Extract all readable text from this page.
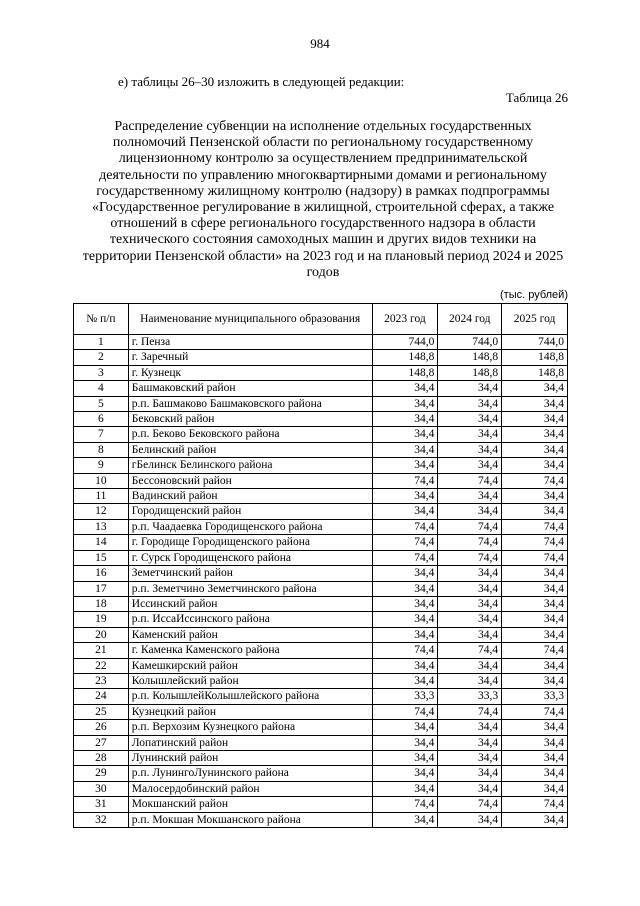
984
е) таблицы 26–30 изложить в следующей редакции:
Таблица 26
Распределение субвенции на исполнение отдельных государственных полномочий Пензенской области по региональному государственному лицензионному контролю за осуществлением предпринимательской деятельности по управлению многоквартирными домами и региональному государственному жилищному контролю (надзору) в рамках подпрограммы «Государственное регулирование в жилищной, строительной сферах, а также отношений в сфере регионального государственного надзора в области технического состояния самоходных машин и других видов техники на территории Пензенской области» на 2023 год и на плановый период 2024 и 2025 годов
(тыс. рублей)
№ п/п	Наименование муниципального образования	2023 год	2024 год	2025 год
1	г. Пенза	744,0	744,0	744,0
2	г. Заречный	148,8	148,8	148,8
3	г. Кузнецк	148,8	148,8	148,8
4	Башмаковский район	34,4	34,4	34,4
5	р.п. Башмаково Башмаковского района	34,4	34,4	34,4
6	Бековский район	34,4	34,4	34,4
7	р.п. Беково Бековского района	34,4	34,4	34,4
8	Белинский район	34,4	34,4	34,4
9	гБелинск Белинского района	34,4	34,4	34,4
10	Бессоновский район	74,4	74,4	74,4
11	Вадинский район	34,4	34,4	34,4
12	Городищенский район	34,4	34,4	34,4
13	р.п. Чаадаевка Городищенского района	74,4	74,4	74,4
14	г. Городище Городищенского района	74,4	74,4	74,4
15	г. Сурск Городищенского района	74,4	74,4	74,4
16	Земетчинский район	34,4	34,4	34,4
17	р.п. Земетчино Земетчинского района	34,4	34,4	34,4
18	Иссинский район	34,4	34,4	34,4
19	р.п. ИссаИссинского района	34,4	34,4	34,4
20	Каменский район	34,4	34,4	34,4
21	г. Каменка Каменского района	74,4	74,4	74,4
22	Камешкирский район	34,4	34,4	34,4
23	Колышлейский район	34,4	34,4	34,4
24	р.п. КолышлейКолышлейского района	33,3	33,3	33,3
25	Кузнецкий район	74,4	74,4	74,4
26	р.п. Верхозим Кузнецкого района	34,4	34,4	34,4
27	Лопатинский район	34,4	34,4	34,4
28	Лунинский район	34,4	34,4	34,4
29	р.п. ЛунингоЛунинского района	34,4	34,4	34,4
30	Малосердобинский район	34,4	34,4	34,4
31	Мокшанский район	74,4	74,4	74,4
32	р.п. Мокшан Мокшанского района	34,4	34,4	34,4
